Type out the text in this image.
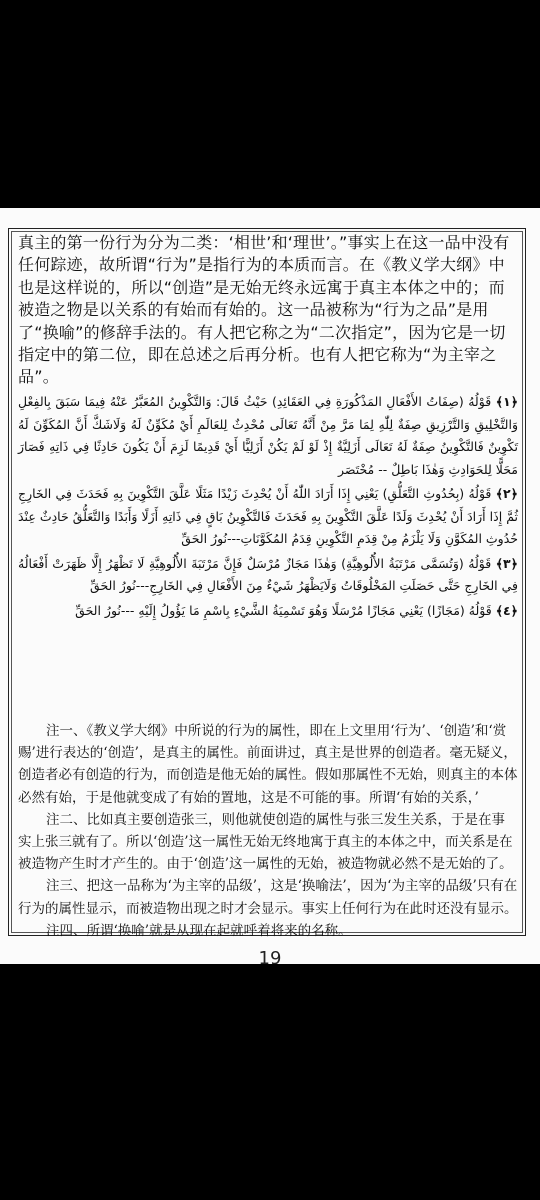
真主的第一份行为分为二类：‘相世’和‘理世’。”事实上在这一品中没有任何踪迹，故所谓“行为”是指行为的本质而言。在《教义学大纲》中也是这样说的，所以“创造”是无始无终永远寓于真主本体之中的；而被造之物是以关系的有始而有始的。这一品被称为“行为之品”是用了“换喻”的修辞手法的。有人把它称之为“二次指定”，因为它是一切指定中的第二位，即在总述之后再分析。也有人把它称为“为主宰之品”。

﴿١﴾ قَوْلُهُ (صِفَاتُ الأَفْعَالِ المَذْكُورَةِ فِي العَقَائِدِ) حَيْثُ قَالَ: وَالتَّكْوِينُ المُعَبَّرُ عَنْهُ فِيمَا سَبَقَ بِالفِعْلِ وَالتَّخْلِيقِ وَالتَّرْزِيقِ صِفَةٌ لِلّٰهِ لِمَا مَرَّ مِنْ أَنَّهُ تَعَالَى مُحْدِثٌ لِلعَالَمِ أَيْ مُكَوِّنٌ لَهُ وَلَاشَكَّ أَنَّ المُكَوِّنَ لَهُ تَكْوِينٌ فَالتَّكْوِينُ صِفَةٌ لَهُ تَعَالَى أَزَلِيَّةٌ إِذْ لَوْ لَمْ يَكُنْ أَزَلِيًّا أَيْ قَدِيمًا لَزِمَ أَنْ يَكُونَ حَادِثًا فِي ذَاتِهِ فَصَارَ مَحَلًّا لِلحَوَادِثِ وَهٰذَا بَاطِلٌ -- مُخْتَصَر

﴿٢﴾ قَوْلُهُ (بِحُدُوثِ التَّعَلُّقِ) يَعْنِي إِذَا أَرَادَ اللّٰهُ أَنْ يُحْدِثَ زَيْدًا مَثَلًا عَلَّقَ التَّكْوِينَ بِهِ فَحَدَثَ فِي الخَارِجِ ثُمَّ إِذَا أَرَادَ أَنْ يُحْدِثَ وَلَدًا عَلَّقَ التَّكْوِينَ بِهِ فَحَدَثَ فَالتَّكْوِينُ بَاقٍ فِي ذَاتِهِ أَزَلًا وَأَبَدًا وَالتَّعَلُّقُ حَادِثٌ عِنْدَ حُدُوثِ المُكَوَّنِ وَلَا يَلْزَمُ مِنْ قِدَمِ التَّكْوِينِ قِدَمُ المُكَوَّنَاتِ---نُورُ الحَقِّ

﴿٣﴾ قَوْلُهُ (وَتُسَمَّى مَرْتَبَةُ الأُلُوهِيَّةِ) وَهٰذَا مَجَازٌ مُرْسَلٌ فَإِنَّ مَرْتَبَةَ الأُلُوهِيَّةِ لَا تَظْهَرُ إِلَّا ظَهَرَتْ أَفْعَالُهُ فِي الخَارِجِ حَتَّى حَصَلَتِ المَخْلُوقَاتُ وَلَايَظْهَرُ شَيْءٌ مِنَ الأَفْعَالِ فِي الخَارِجِ---نُورُ الحَقِّ

﴿٤﴾ قَوْلُهُ (مَجَازًا) يَعْنِي مَجَازًا مُرْسَلًا وَهُوَ تَسْمِيَةُ الشَّيْءِ بِاسْمِ مَا يَؤُولُ إِلَيْهِ ---نُورُ الحَقِّ

注一、《教义学大纲》中所说的行为的属性，即在上文里用‘行为’、‘创造’和‘赏赐’进行表达的‘创造’，是真主的属性。前面讲过，真主是世界的创造者。毫无疑义，创造者必有创造的行为，而创造是他无始的属性。假如那属性不无始，则真主的本体必然有始，于是他就变成了有始的置地，这是不可能的事。所谓‘有始的关系，’

注二、比如真主要创造张三，则他就使创造的属性与张三发生关系，于是在事实上张三就有了。所以‘创造’这一属性无始无终地寓于真主的本体之中，而关系是在被造物产生时才产生的。由于‘创造’这一属性的无始，被造物就必然不是无始的了。

注三、把这一品称为‘为主宰的品级’，这是‘换喻法’，因为‘为主宰的品级’只有在行为的属性显示，而被造物出现之时才会显示。事实上任何行为在此时还没有显示。

注四、所谓‘换喻’就是从现在起就呼着将来的名称。

19
